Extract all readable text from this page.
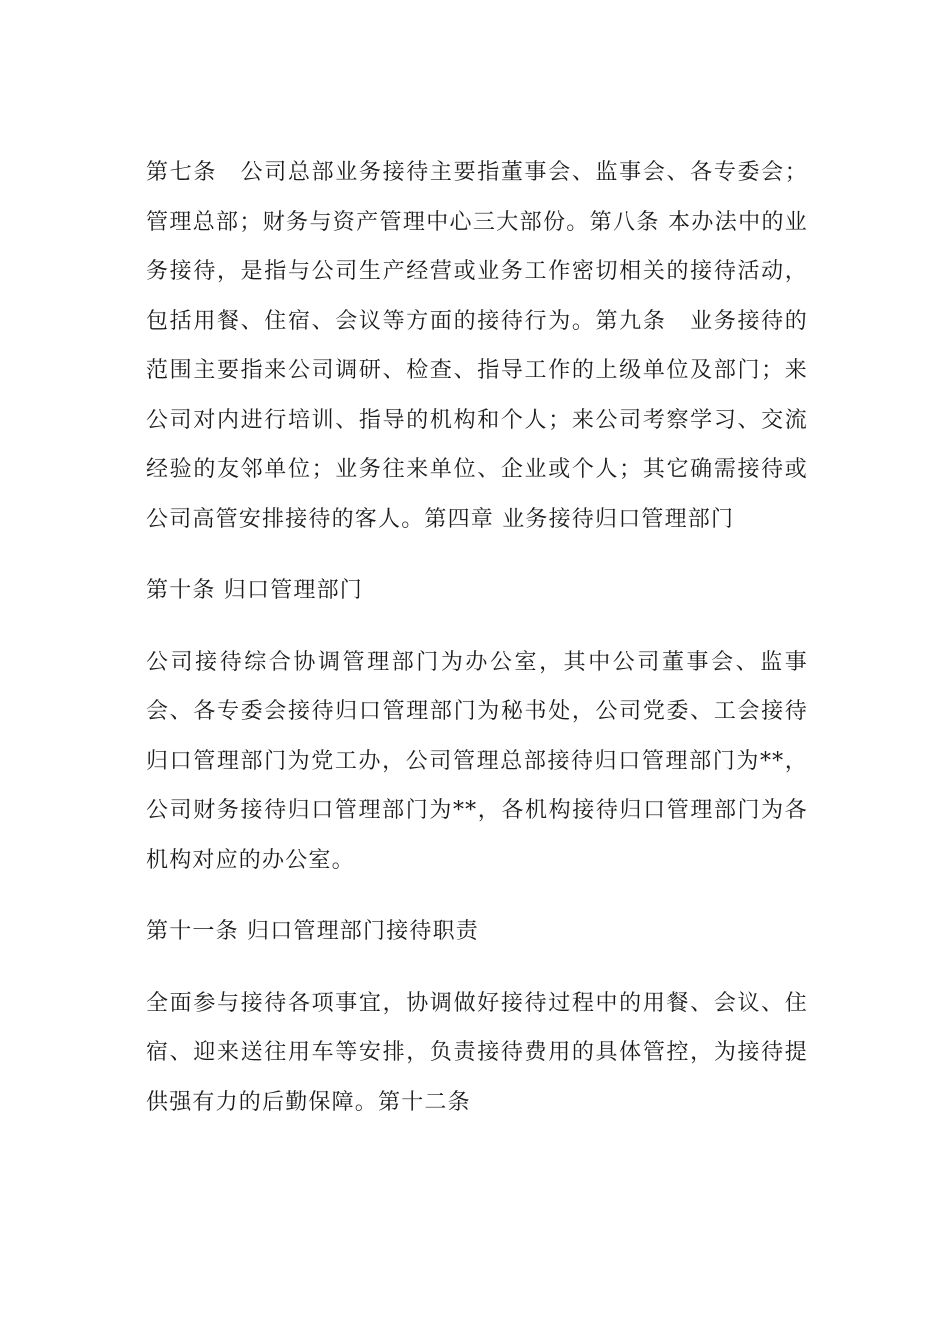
第七条　公司总部业务接待主要指董事会、监事会、各专委会；管理总部；财务与资产管理中心三大部份。第八条 本办法中的业务接待，是指与公司生产经营或业务工作密切相关的接待活动，包括用餐、住宿、会议等方面的接待行为。第九条　业务接待的范围主要指来公司调研、检查、指导工作的上级单位及部门；来公司对内进行培训、指导的机构和个人；来公司考察学习、交流经验的友邻单位；业务往来单位、企业或个人；其它确需接待或公司高管安排接待的客人。第四章 业务接待归口管理部门

第十条 归口管理部门

公司接待综合协调管理部门为办公室，其中公司董事会、监事会、各专委会接待归口管理部门为秘书处，公司党委、工会接待归口管理部门为党工办，公司管理总部接待归口管理部门为**，公司财务接待归口管理部门为**，各机构接待归口管理部门为各机构对应的办公室。

第十一条 归口管理部门接待职责

全面参与接待各项事宜，协调做好接待过程中的用餐、会议、住宿、迎来送往用车等安排，负责接待费用的具体管控，为接待提供强有力的后勤保障。第十二条
